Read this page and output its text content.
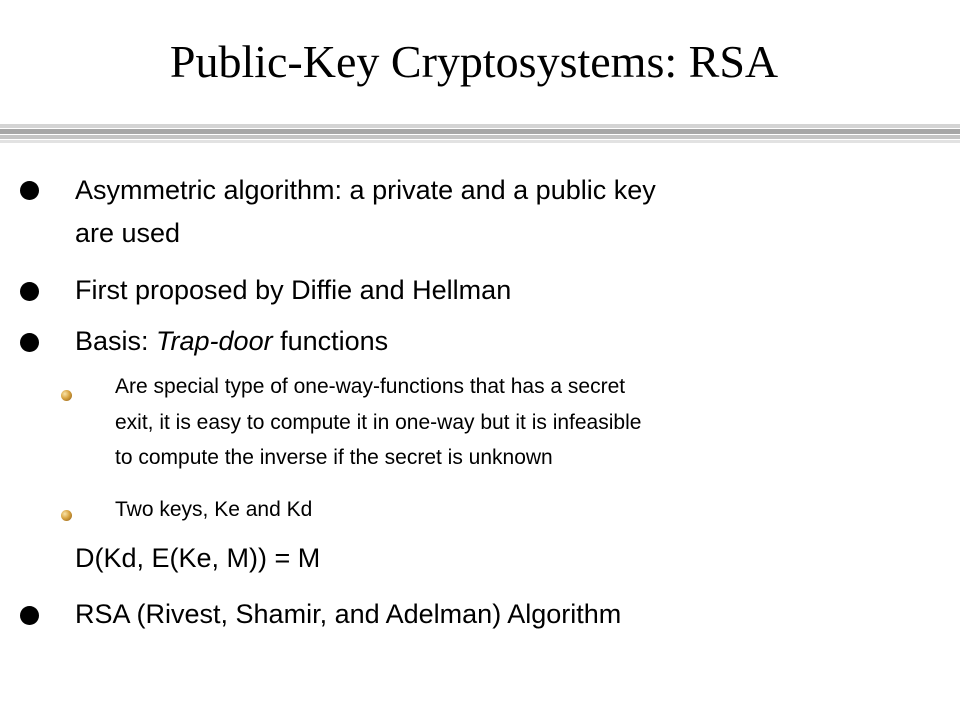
Public-Key Cryptosystems: RSA
Asymmetric algorithm: a private and a public key
are used
First proposed by Diffie and Hellman
Basis: Trap-door functions
Are special type of one-way-functions that has a secret
exit, it is easy to compute it in one-way but it is infeasible
to compute the inverse if the secret is unknown
Two keys, Ke and Kd
D(Kd, E(Ke, M)) = M
RSA (Rivest, Shamir, and Adelman) Algorithm
